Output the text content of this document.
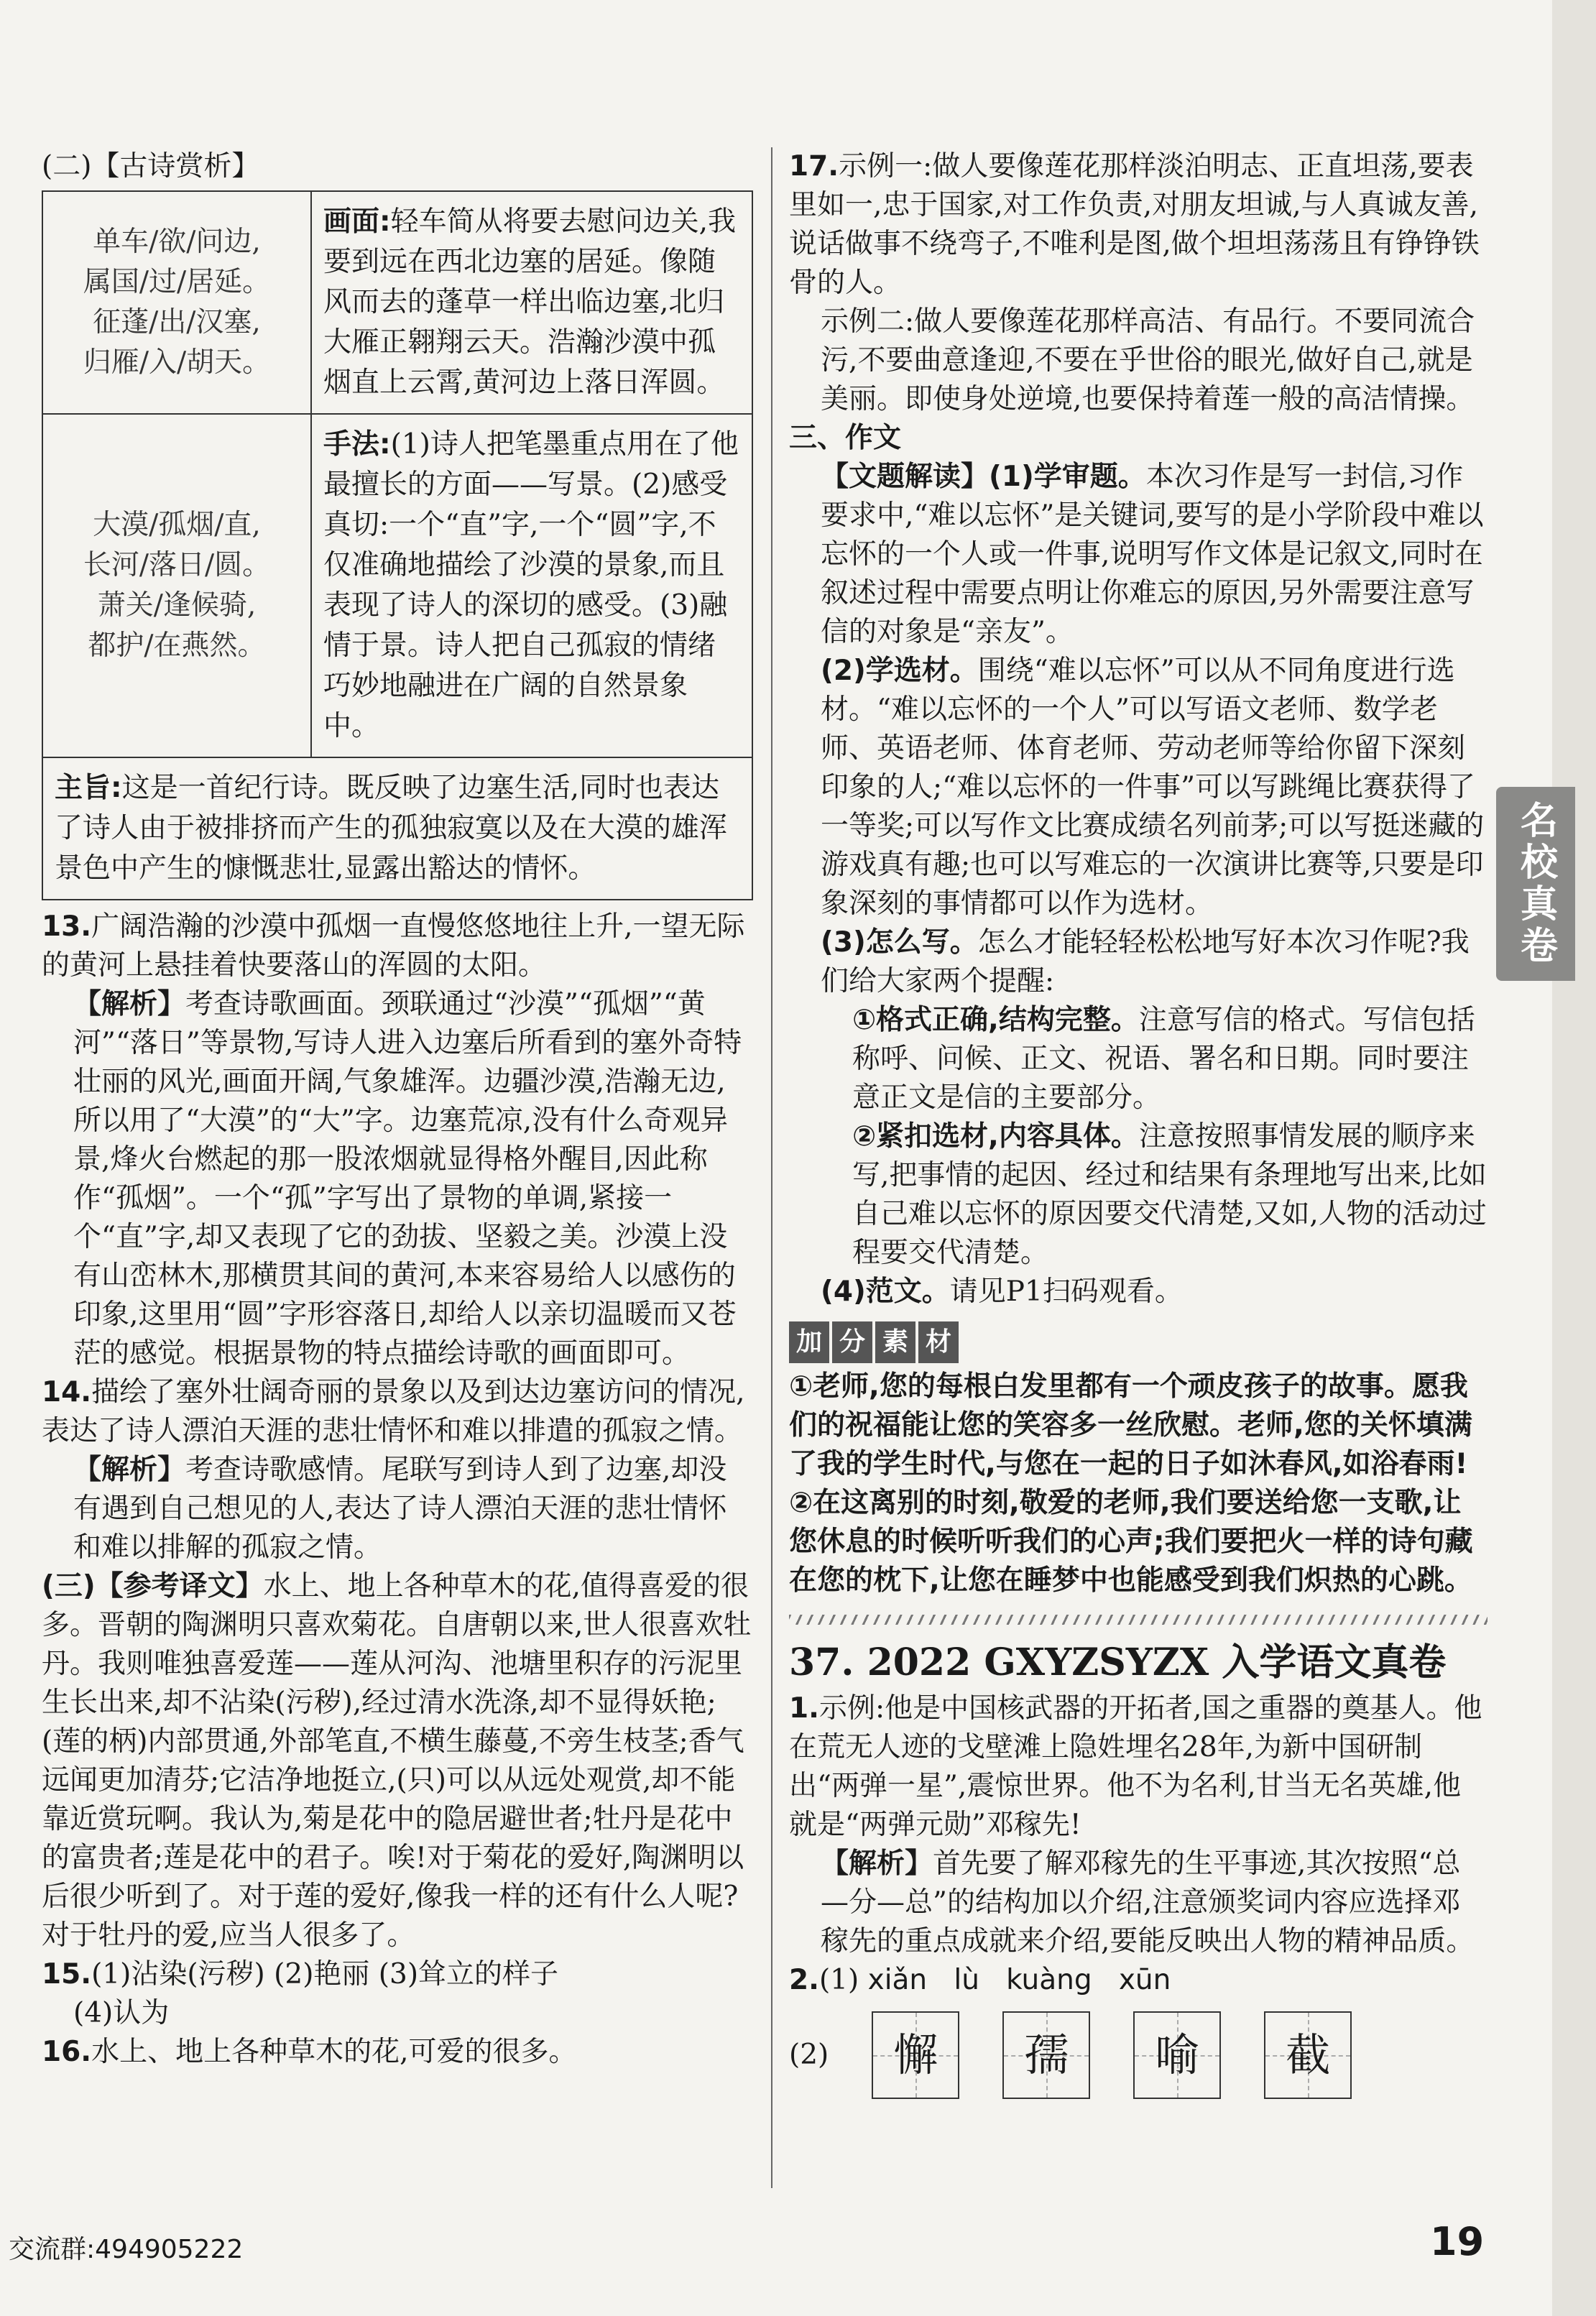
名校真卷

(二)【古诗赏析】

单车/欲/问边,

属国/过/居延。

征蓬/出/汉塞,

归雁/入/胡天。	画面:轻车简从将要去慰问边关,我要到远在西北边塞的居延。像随风而去的蓬草一样出临边塞,北归大雁正翱翔云天。浩瀚沙漠中孤烟直上云霄,黄河边上落日浑圆。

大漠/孤烟/直,

长河/落日/圆。

萧关/逢候骑,

都护/在燕然。	手法:(1)诗人把笔墨重点用在了他最擅长的方面——写景。(2)感受真切:一个“直”字,一个“圆”字,不仅准确地描绘了沙漠的景象,而且表现了诗人的深切的感受。(3)融情于景。诗人把自己孤寂的情绪巧妙地融进在广阔的自然景象中。
主旨:这是一首纪行诗。既反映了边塞生活,同时也表达了诗人由于被排挤而产生的孤独寂寞以及在大漠的雄浑景色中产生的慷慨悲壮,显露出豁达的情怀。	

13.广阔浩瀚的沙漠中孤烟一直慢悠悠地往上升,一望无际的黄河上悬挂着快要落山的浑圆的太阳。

【解析】考查诗歌画面。颈联通过“沙漠”“孤烟”“黄河”“落日”等景物,写诗人进入边塞后所看到的塞外奇特壮丽的风光,画面开阔,气象雄浑。边疆沙漠,浩瀚无边,所以用了“大漠”的“大”字。边塞荒凉,没有什么奇观异景,烽火台燃起的那一股浓烟就显得格外醒目,因此称作“孤烟”。一个“孤”字写出了景物的单调,紧接一个“直”字,却又表现了它的劲拔、坚毅之美。沙漠上没有山峦林木,那横贯其间的黄河,本来容易给人以感伤的印象,这里用“圆”字形容落日,却给人以亲切温暖而又苍茫的感觉。根据景物的特点描绘诗歌的画面即可。

14.描绘了塞外壮阔奇丽的景象以及到达边塞访问的情况,表达了诗人漂泊天涯的悲壮情怀和难以排遣的孤寂之情。

【解析】考查诗歌感情。尾联写到诗人到了边塞,却没有遇到自己想见的人,表达了诗人漂泊天涯的悲壮情怀和难以排解的孤寂之情。

(三)【参考译文】水上、地上各种草木的花,值得喜爱的很多。晋朝的陶渊明只喜欢菊花。自唐朝以来,世人很喜欢牡丹。我则唯独喜爱莲——莲从河沟、池塘里积存的污泥里生长出来,却不沾染(污秽),经过清水洗涤,却不显得妖艳;(莲的柄)内部贯通,外部笔直,不横生藤蔓,不旁生枝茎;香气远闻更加清芬;它洁净地挺立,(只)可以从远处观赏,却不能靠近赏玩啊。我认为,菊是花中的隐居避世者;牡丹是花中的富贵者;莲是花中的君子。唉!对于菊花的爱好,陶渊明以后很少听到了。对于莲的爱好,像我一样的还有什么人呢?对于牡丹的爱,应当人很多了。

15.(1)沾染(污秽) (2)艳丽 (3)耸立的样子

(4)认为

16.水上、地上各种草木的花,可爱的很多。

17.示例一:做人要像莲花那样淡泊明志、正直坦荡,要表里如一,忠于国家,对工作负责,对朋友坦诚,与人真诚友善,说话做事不绕弯子,不唯利是图,做个坦坦荡荡且有铮铮铁骨的人。

示例二:做人要像莲花那样高洁、有品行。不要同流合污,不要曲意逢迎,不要在乎世俗的眼光,做好自己,就是美丽。即使身处逆境,也要保持着莲一般的高洁情操。

三、作文

【文题解读】(1)学审题。本次习作是写一封信,习作要求中,“难以忘怀”是关键词,要写的是小学阶段中难以忘怀的一个人或一件事,说明写作文体是记叙文,同时在叙述过程中需要点明让你难忘的原因,另外需要注意写信的对象是“亲友”。

(2)学选材。围绕“难以忘怀”可以从不同角度进行选材。“难以忘怀的一个人”可以写语文老师、数学老师、英语老师、体育老师、劳动老师等给你留下深刻印象的人;“难以忘怀的一件事”可以写跳绳比赛获得了一等奖;可以写作文比赛成绩名列前茅;可以写挺迷藏的游戏真有趣;也可以写难忘的一次演讲比赛等,只要是印象深刻的事情都可以作为选材。

(3)怎么写。怎么才能轻轻松松地写好本次习作呢?我们给大家两个提醒:

①格式正确,结构完整。注意写信的格式。写信包括称呼、问候、正文、祝语、署名和日期。同时要注意正文是信的主要部分。

②紧扣选材,内容具体。注意按照事情发展的顺序来写,把事情的起因、经过和结果有条理地写出来,比如自己难以忘怀的原因要交代清楚,又如,人物的活动过程要交代清楚。

(4)范文。请见P1扫码观看。

加 分 素 材

①老师,您的每根白发里都有一个顽皮孩子的故事。愿我们的祝福能让您的笑容多一丝欣慰。老师,您的关怀填满了我的学生时代,与您在一起的日子如沐春风,如浴春雨!

②在这离别的时刻,敬爱的老师,我们要送给您一支歌,让您休息的时候听听我们的心声;我们要把火一样的诗句藏在您的枕下,让您在睡梦中也能感受到我们炽热的心跳。

37. 2022 GXYZSYZX 入学语文真卷

1.示例:他是中国核武器的开拓者,国之重器的奠基人。他在荒无人迹的戈壁滩上隐姓埋名28年,为新中国研制出“两弹一星”,震惊世界。他不为名利,甘当无名英雄,他就是“两弹元勋”邓稼先!

【解析】首先要了解邓稼先的生平事迹,其次按照“总—分—总”的结构加以介绍,注意颁奖词内容应选择邓稼先的重点成就来介绍,要能反映出人物的精神品质。

2.(1) xiǎn lù kuàng xūn

(2) 懈 孺 喻 截
交流群:494905222	19
